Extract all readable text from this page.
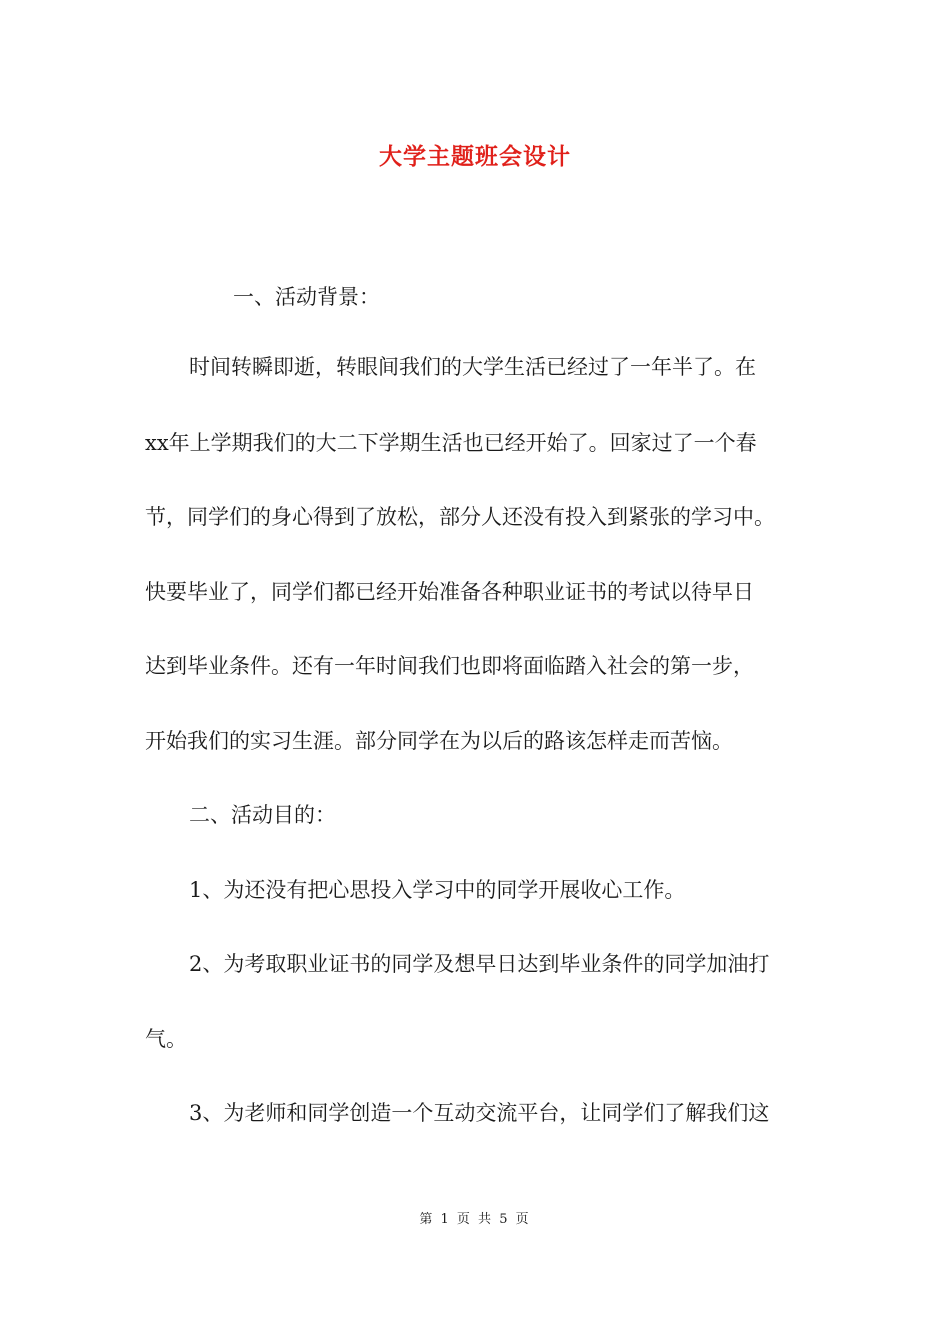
大学主题班会设计
一、活动背景：
时间转瞬即逝，转眼间我们的大学生活已经过了一年半了。在
xx年上学期我们的大二下学期生活也已经开始了。回家过了一个春
节，同学们的身心得到了放松，部分人还没有投入到紧张的学习中。
快要毕业了，同学们都已经开始准备各种职业证书的考试以待早日
达到毕业条件。还有一年时间我们也即将面临踏入社会的第一步，
开始我们的实习生涯。部分同学在为以后的路该怎样走而苦恼。
二、活动目的：
1、为还没有把心思投入学习中的同学开展收心工作。
2、为考取职业证书的同学及想早日达到毕业条件的同学加油打
气。
3、为老师和同学创造一个互动交流平台，让同学们了解我们这
第 1 页 共 5 页
